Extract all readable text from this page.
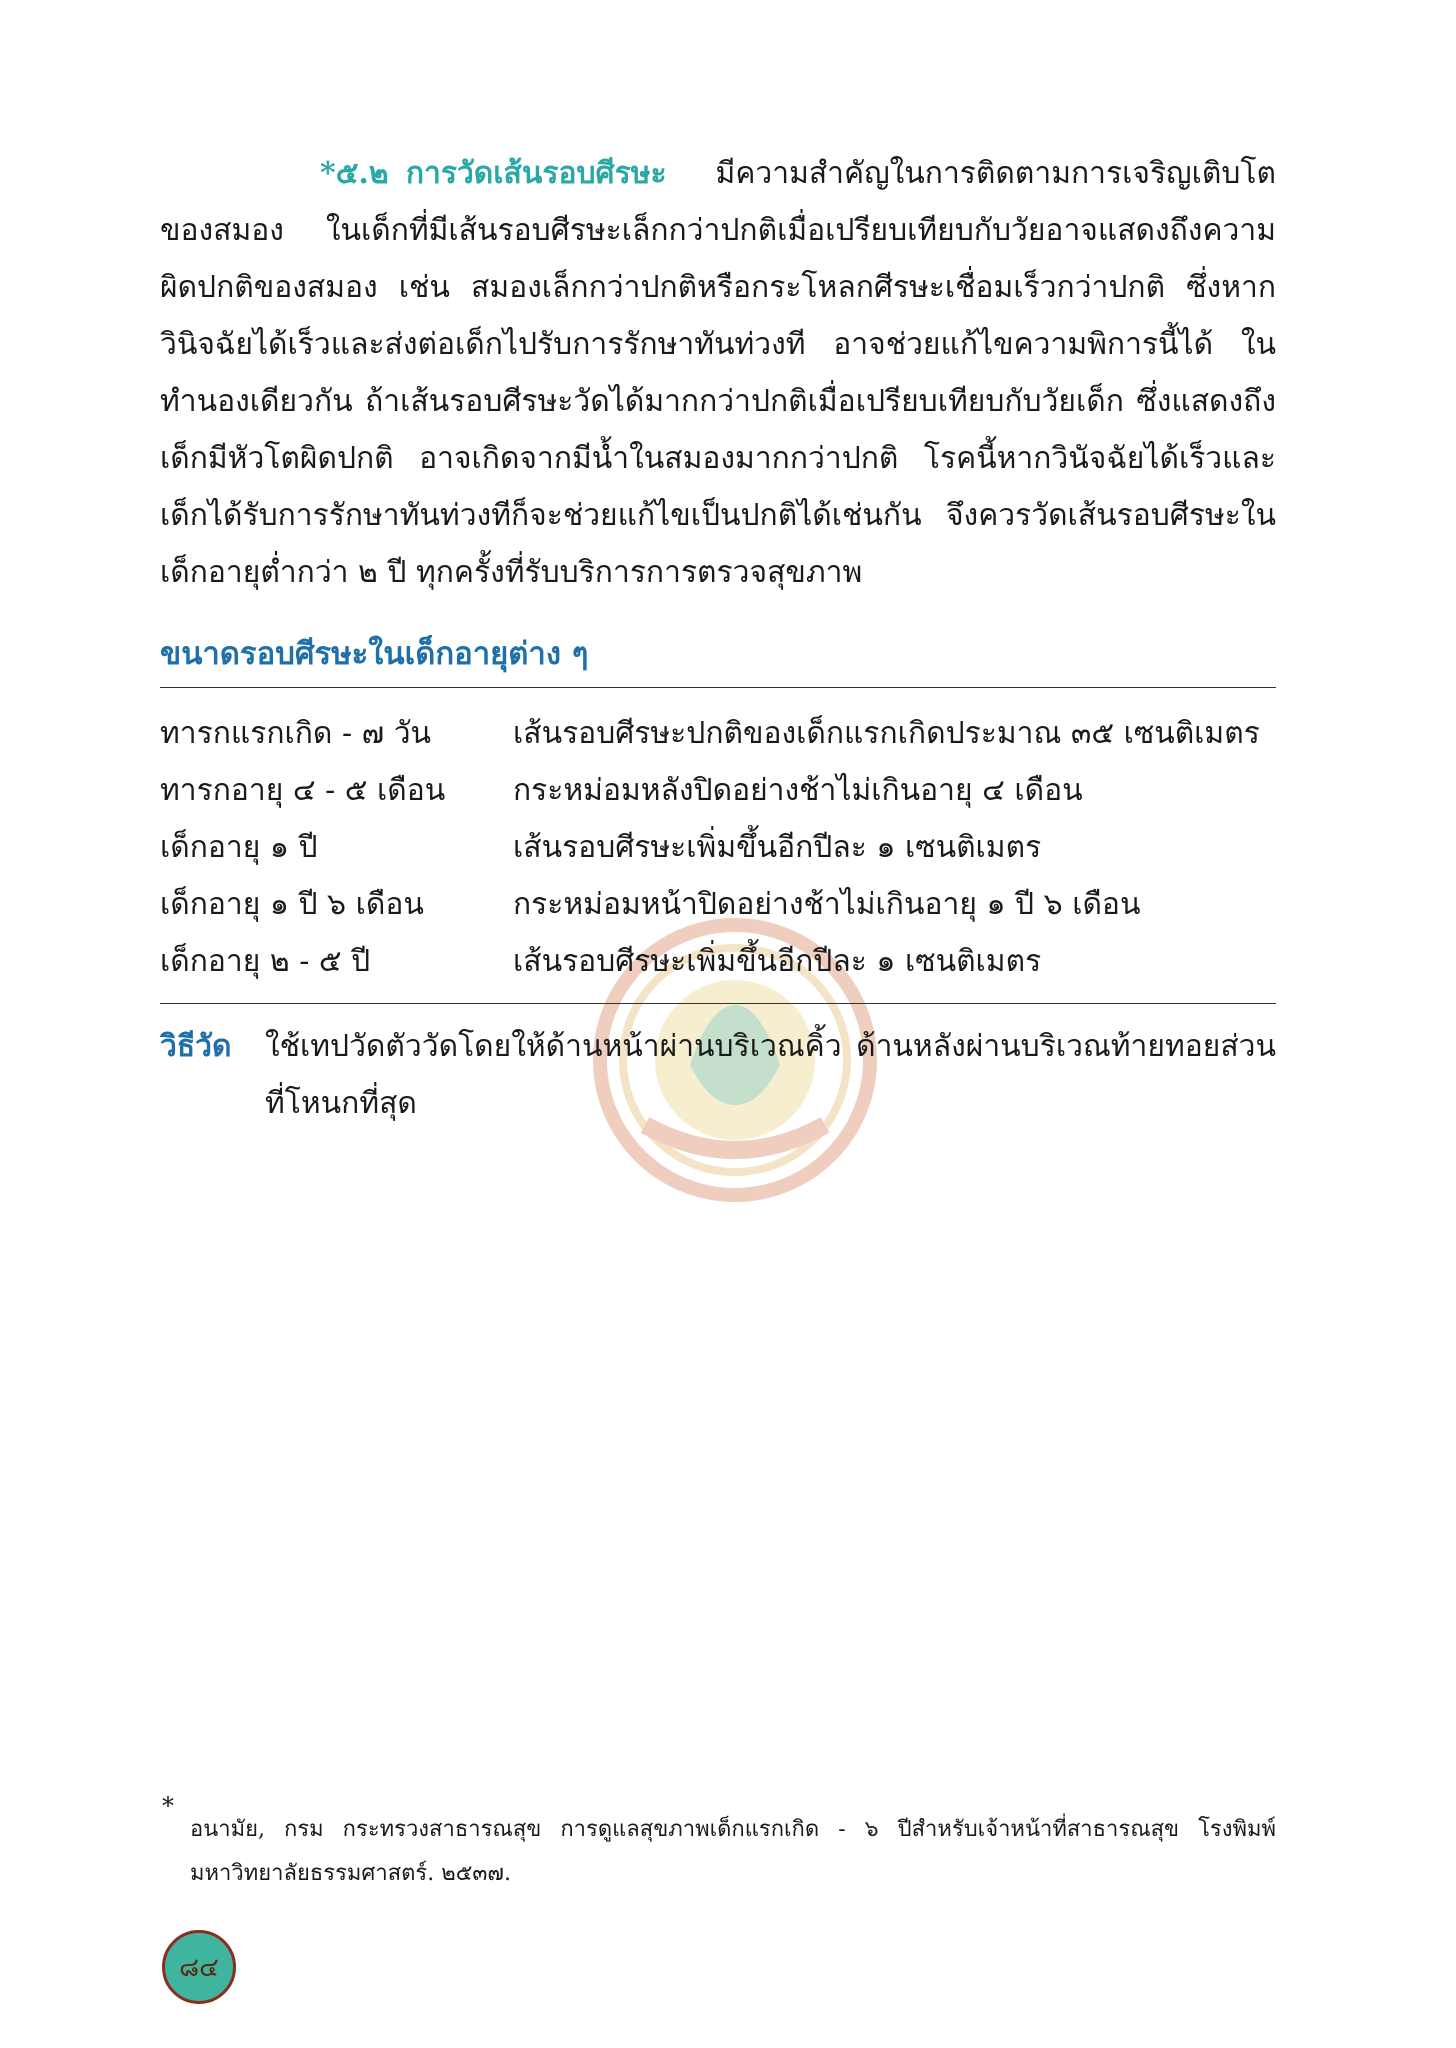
*๕.๒ การวัดเส้นรอบศีรษะ มีความสำคัญในการติดตามการเจริญเติบโตของสมอง ในเด็กที่มีเส้นรอบศีรษะเล็กกว่าปกติเมื่อเปรียบเทียบกับวัยอาจแสดงถึงความผิดปกติของสมอง เช่น สมองเล็กกว่าปกติหรือกระโหลกศีรษะเชื่อมเร็วกว่าปกติ ซึ่งหากวินิจฉัยได้เร็วและส่งต่อเด็กไปรับการรักษาทันท่วงที อาจช่วยแก้ไขความพิการนี้ได้ ในทำนองเดียวกัน ถ้าเส้นรอบศีรษะวัดได้มากกว่าปกติเมื่อเปรียบเทียบกับวัยเด็ก ซึ่งแสดงถึงเด็กมีหัวโตผิดปกติ อาจเกิดจากมีน้ำในสมองมากกว่าปกติ โรคนี้หากวินัจฉัยได้เร็วและเด็กได้รับการรักษาทันท่วงทีก็จะช่วยแก้ไขเป็นปกติได้เช่นกัน จึงควรวัดเส้นรอบศีรษะในเด็กอายุต่ำกว่า ๒ ปี ทุกครั้งที่รับบริการการตรวจสุขภาพ

ขนาดรอบศีรษะในเด็กอายุต่าง ๆ
ทารกแรกเกิด - ๗ วัน	เส้นรอบศีรษะปกติของเด็กแรกเกิดประมาณ ๓๕ เซนติเมตร
ทารกอายุ ๔ - ๕ เดือน	กระหม่อมหลังปิดอย่างช้าไม่เกินอายุ ๔ เดือน
เด็กอายุ ๑ ปี	เส้นรอบศีรษะเพิ่มขึ้นอีกปีละ ๑ เซนติเมตร
เด็กอายุ ๑ ปี ๖ เดือน	กระหม่อมหน้าปิดอย่างช้าไม่เกินอายุ ๑ ปี ๖ เดือน
เด็กอายุ ๒ - ๕ ปี	เส้นรอบศีรษะเพิ่มขึ้นอีกปีละ ๑ เซนติเมตร
วิธีวัด	ใช้เทปวัดตัววัดโดยให้ด้านหน้าผ่านบริเวณคิ้ว ด้านหลังผ่านบริเวณท้ายทอยส่วนที่โหนกที่สุด
*
อนามัย, กรม กระทรวงสาธารณสุข การดูแลสุขภาพเด็กแรกเกิด - ๖ ปีสำหรับเจ้าหน้าที่สาธารณสุข โรงพิมพ์มหาวิทยาลัยธรรมศาสตร์. ๒๕๓๗.
๘๔
